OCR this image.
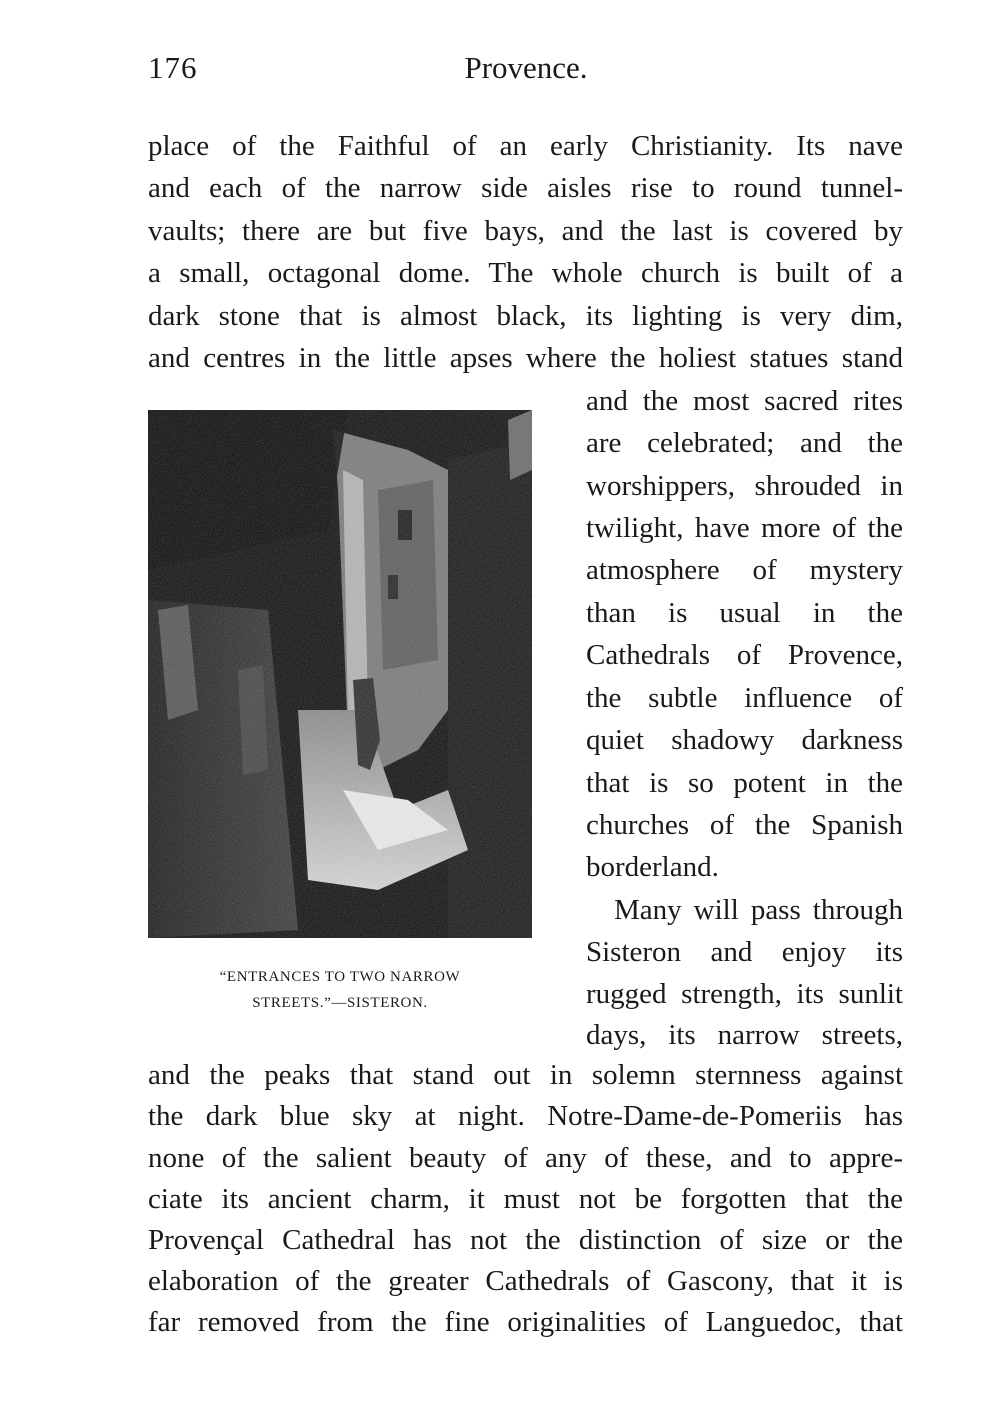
176	Provence.
place of the Faithful of an early Christianity. Its nave
and each of the narrow side aisles rise to round tunnel-
vaults; there are but five bays, and the last is covered by
a small, octagonal dome. The whole church is built of a
dark stone that is almost black, its lighting is very dim,
and centres in the little apses where the holiest statues stand
“ENTRANCES TO TWO NARROW
STREETS.”—SISTERON.
and the most sacred rites
are celebrated; and the
worshippers, shrouded in
twilight, have more of the
atmosphere of mystery
than is usual in the
Cathedrals of Provence,
the subtle influence of
quiet shadowy darkness
that is so potent in the
churches of the Spanish
borderland.
Many will pass through
Sisteron and enjoy its
rugged strength, its sunlit
days, its narrow streets,
and the peaks that stand out in solemn sternness against
the dark blue sky at night. Notre-Dame-de-Pomeriis has
none of the salient beauty of any of these, and to appre-
ciate its ancient charm, it must not be forgotten that the
Provençal Cathedral has not the distinction of size or the
elaboration of the greater Cathedrals of Gascony, that it is
far removed from the fine originalities of Languedoc, that
